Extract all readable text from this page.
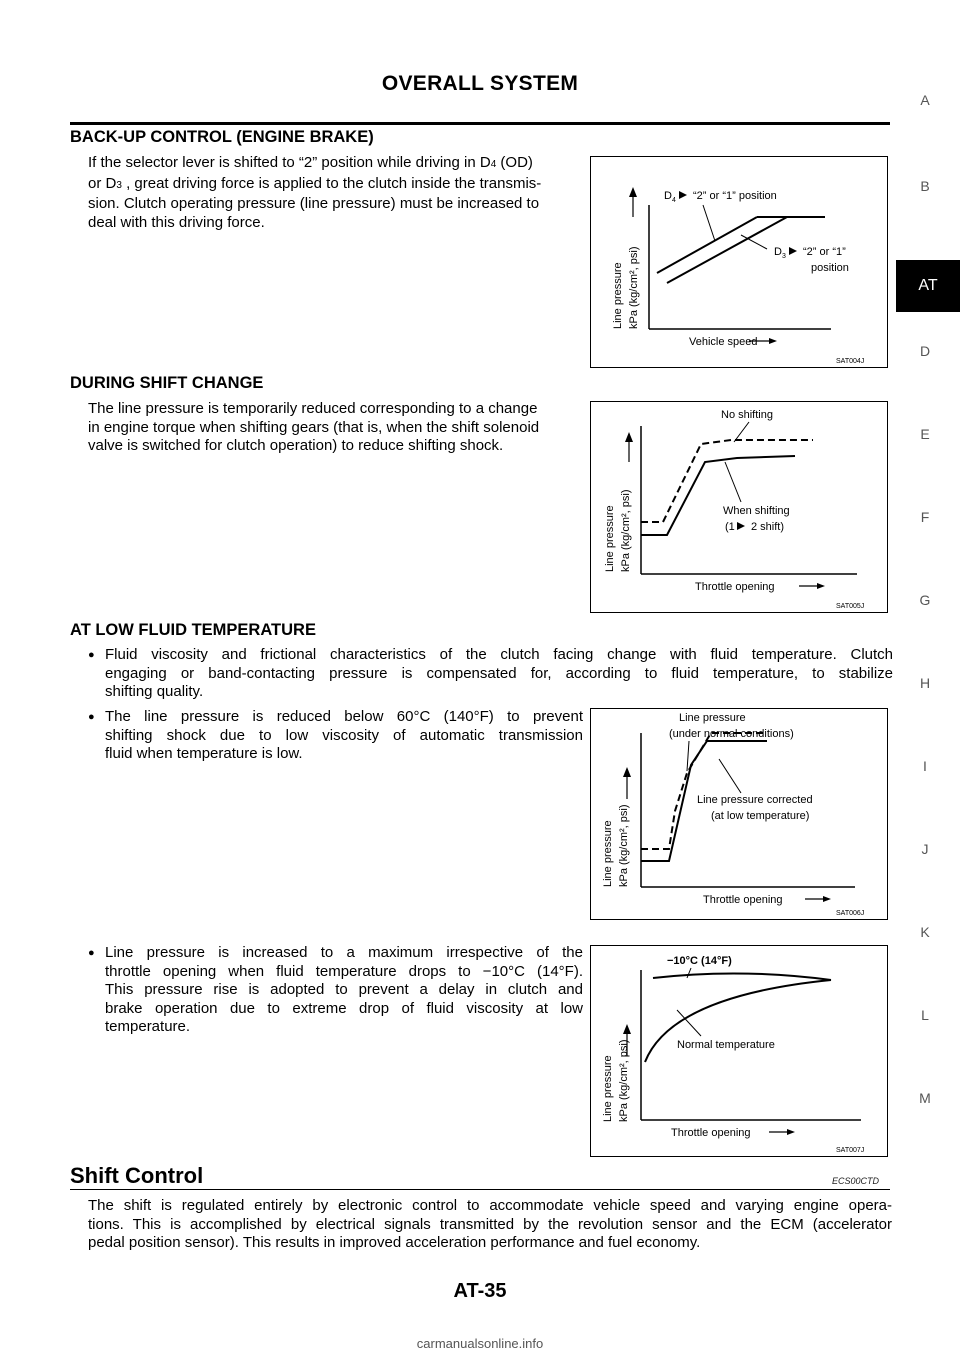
OVERALL SYSTEM
A
B
AT
D
E
F
G
H
I
J
K
L
M
BACK-UP CONTROL (ENGINE BRAKE)
If the selector lever is shifted to “2” position while driving in D4 (OD)
or D3 , great driving force is applied to the clutch inside the transmis-
sion. Clutch operating pressure (line pressure) must be increased to
deal with this driving force.
Line pressure kPa (kg/cm², psi)
Vehicle speed
D 4 “2” or “1” position
D 3 “2” or “1”
position
SAT004J
DURING SHIFT CHANGE
The line pressure is temporarily reduced corresponding to a change
in engine torque when shifting gears (that is, when the shift solenoid
valve is switched for clutch operation) to reduce shifting shock.
Line pressure kPa (kg/cm², psi)
Throttle opening
No shifting
When shifting
(1 2 shift)
SAT005J
AT LOW FLUID TEMPERATURE
● Fluid viscosity and frictional characteristics of the clutch facing change with fluid temperature. Clutch
engaging or band-contacting pressure is compensated for, according to fluid temperature, to stabilize
shifting quality.
● The line pressure is reduced below 60°C (140°F) to prevent
shifting shock due to low viscosity of automatic transmission
fluid when temperature is low.
Line pressure kPa (kg/cm², psi)
Throttle opening
Line pressure
(under normal conditions)
Line pressure corrected
(at low temperature)
SAT006J
● Line pressure is increased to a maximum irrespective of the
throttle opening when fluid temperature drops to −10°C (14°F).
This pressure rise is adopted to prevent a delay in clutch and
brake operation due to extreme drop of fluid viscosity at low
temperature.
Line pressure kPa (kg/cm², psi)
Throttle opening
−10°C (14°F)
Normal temperature
SAT007J
Shift Control	ECS00CTD
The shift is regulated entirely by electronic control to accommodate vehicle speed and varying engine opera-
tions. This is accomplished by electrical signals transmitted by the revolution sensor and the ECM (accelerator
pedal position sensor). This results in improved acceleration performance and fuel economy.
AT-35
carmanualsonline.info
